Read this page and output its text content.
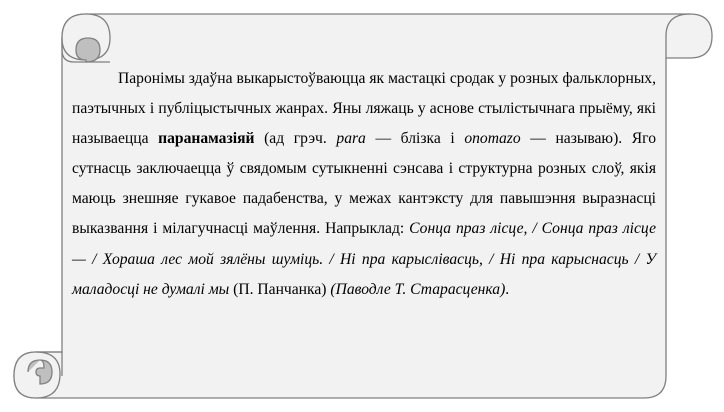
Паронімы здаўна выкарыстоўваюцца як мастацкі сродак у розных фальклорных, паэтычных і публіцыстычных жанрах. Яны ляжаць у аснове стылістычнага прыёму, які называецца паранамазіяй (ад грэч. para — блізка і onomazo — называю). Яго сутнасць заключаецца ў свядомым сутыкненні сэнсава і структурна розных слоў, якія маюць знешняе гукавое падабенства, у межах кантэксту для павышэння выразнасці выказвання і мілагучнасці маўлення. Напрыклад: Сонца праз лісце, / Сонца праз лісце — / Хораша лес мой зялёны шуміць. / Ні пра карыслівасць, / Ні пра карыснасць / У маладосці не думалі мы (П. Панчанка) (Паводле Т. Старасценка).
